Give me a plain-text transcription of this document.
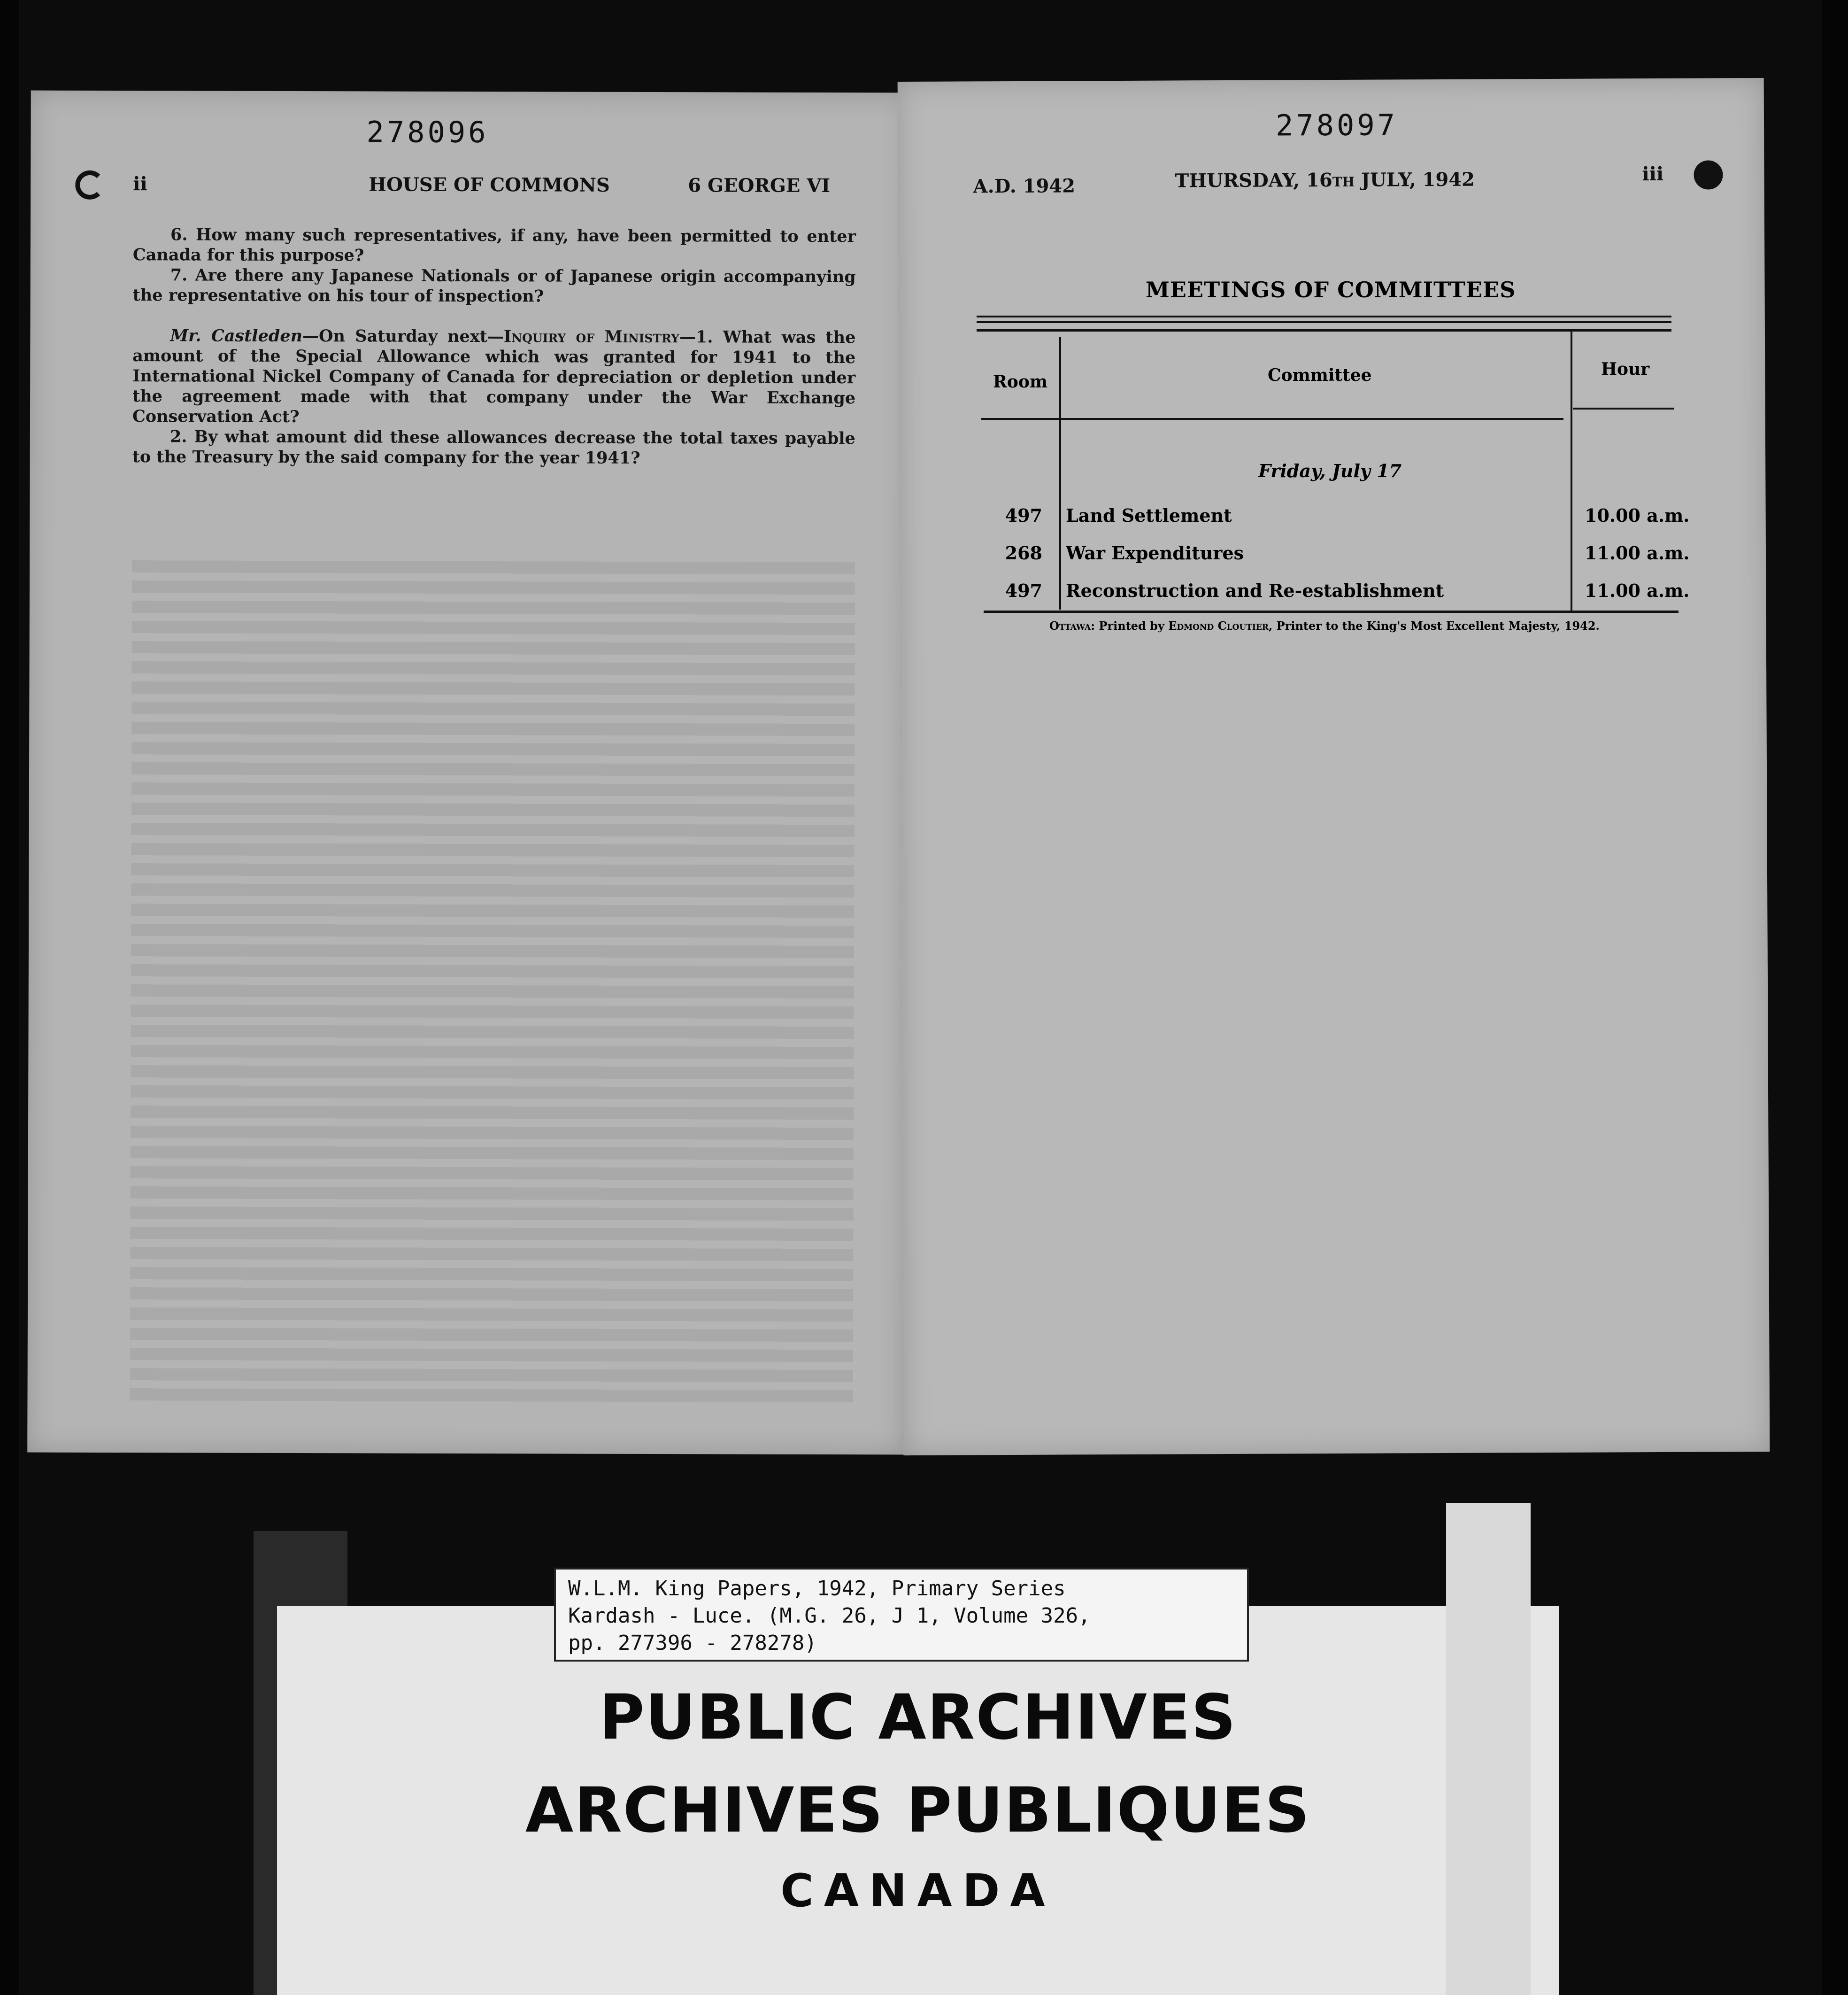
278096
ii	HOUSE OF COMMONS	6 GEORGE VI

6. How many such representatives, if any, have been permitted to enter Canada for this purpose?

7. Are there any Japanese Nationals or of Japanese origin accompanying the representative on his tour of inspection?

Mr. Castleden—On Saturday next—Inquiry of Ministry—1. What was the amount of the Special Allowance which was granted for 1941 to the International Nickel Company of Canada for depreciation or depletion under the agreement made with that company under the War Exchange Conservation Act?

2. By what amount did these allowances decrease the total taxes payable to the Treasury by the said company for the year 1941?

278097
A.D. 1942	THURSDAY, 16TH JULY, 1942	iii
MEETINGS OF COMMITTEES
Room	Committee	Hour
Friday, July 17
497 Land Settlement	10.00 a.m.
268 War Expenditures	11.00 a.m.
497 Reconstruction and Re-establishment	11.00 a.m.
Ottawa: Printed by Edmond Cloutier, Printer to the King's Most Excellent Majesty, 1942.
W.L.M. King Papers, 1942, Primary Series
Kardash - Luce. (M.G. 26, J 1, Volume 326,
pp. 277396 - 278278)
PUBLIC ARCHIVES
ARCHIVES PUBLIQUES
CANADA
